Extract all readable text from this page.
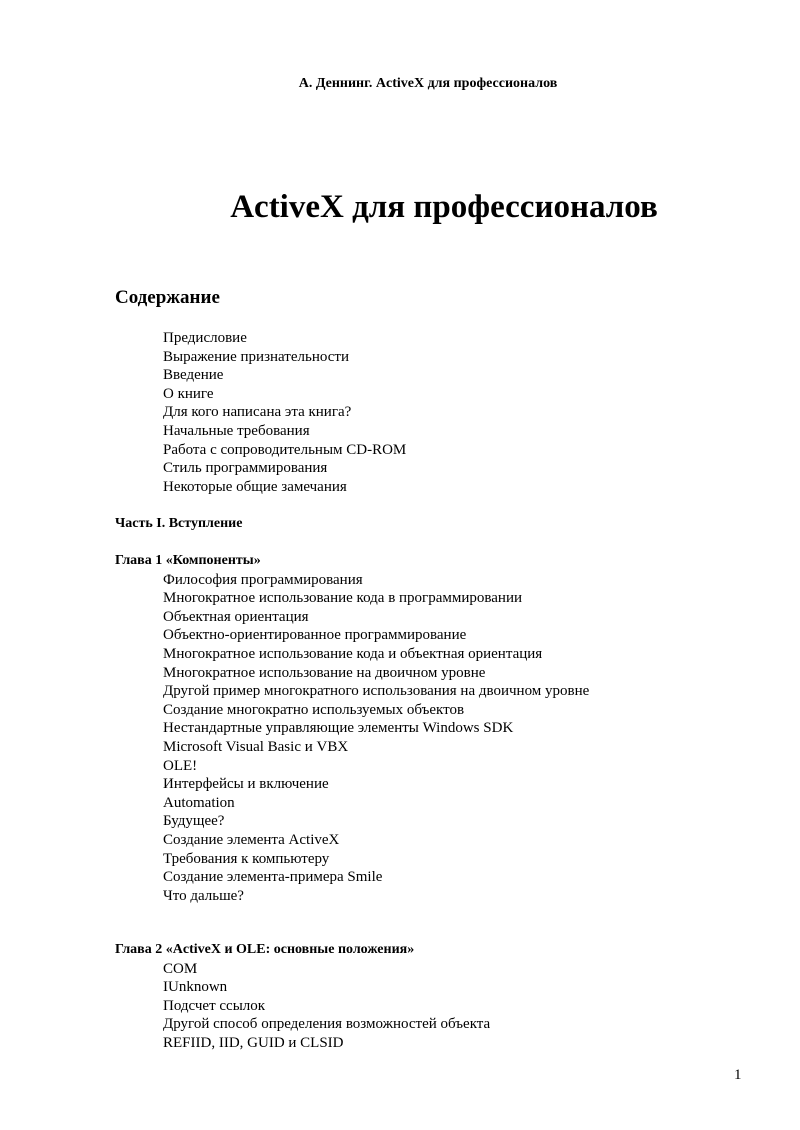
А. Деннинг. ActiveX для профессионалов
ActiveX для профессионалов
Содержание
Предисловие
Выражение признательности
Введение
О книге
Для кого написана эта книга?
Начальные требования
Работа с сопроводительным CD-ROM
Стиль программирования
Некоторые общие замечания
Часть I. Вступление
Глава 1 «Компоненты»
Философия программирования
Многократное использование кода в программировании
Объектная ориентация
Объектно-ориентированное программирование
Многократное использование кода и объектная ориентация
Многократное использование на двоичном уровне
Другой пример многократного использования на двоичном уровне
Создание многократно используемых объектов
Нестандартные управляющие элементы Windows SDK
Microsoft Visual Basic и VBX
OLE!
Интерфейсы и включение
Automation
Будущее?
Создание элемента ActiveX
Требования к компьютеру
Создание элемента-примера Smile
Что дальше?
Глава 2 «ActiveX и OLE: основные положения»
COM
IUnknown
Подсчет ссылок
Другой способ определения возможностей объекта
REFIID, IID, GUID и CLSID
1
